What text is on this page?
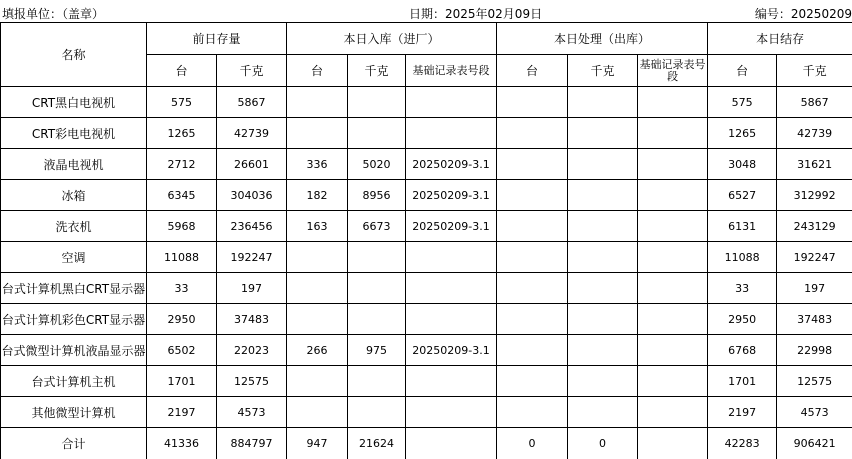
填报单位：（盖章）	日期：2025年02月09日	编号：20250209
名称	前日存量		本日入库（进厂）			本日处理（出库）			本日结存	
	台	千克	台	千克	基础记录表号段	台	千克	基础记录表号段	台	千克
CRT黑白电视机	575	5867							575	5867
CRT彩电电视机	1265	42739							1265	42739
液晶电视机	2712	26601	336	5020	20250209-3.1				3048	31621
冰箱	6345	304036	182	8956	20250209-3.1				6527	312992
洗衣机	5968	236456	163	6673	20250209-3.1				6131	243129
空调	11088	192247							11088	192247
台式计算机黑白CRT显示器	33	197							33	197
台式计算机彩色CRT显示器	2950	37483							2950	37483
台式微型计算机液晶显示器	6502	22023	266	975	20250209-3.1				6768	22998
台式计算机主机	1701	12575							1701	12575
其他微型计算机	2197	4573							2197	4573
合计	41336	884797	947	21624		0	0		42283	906421
